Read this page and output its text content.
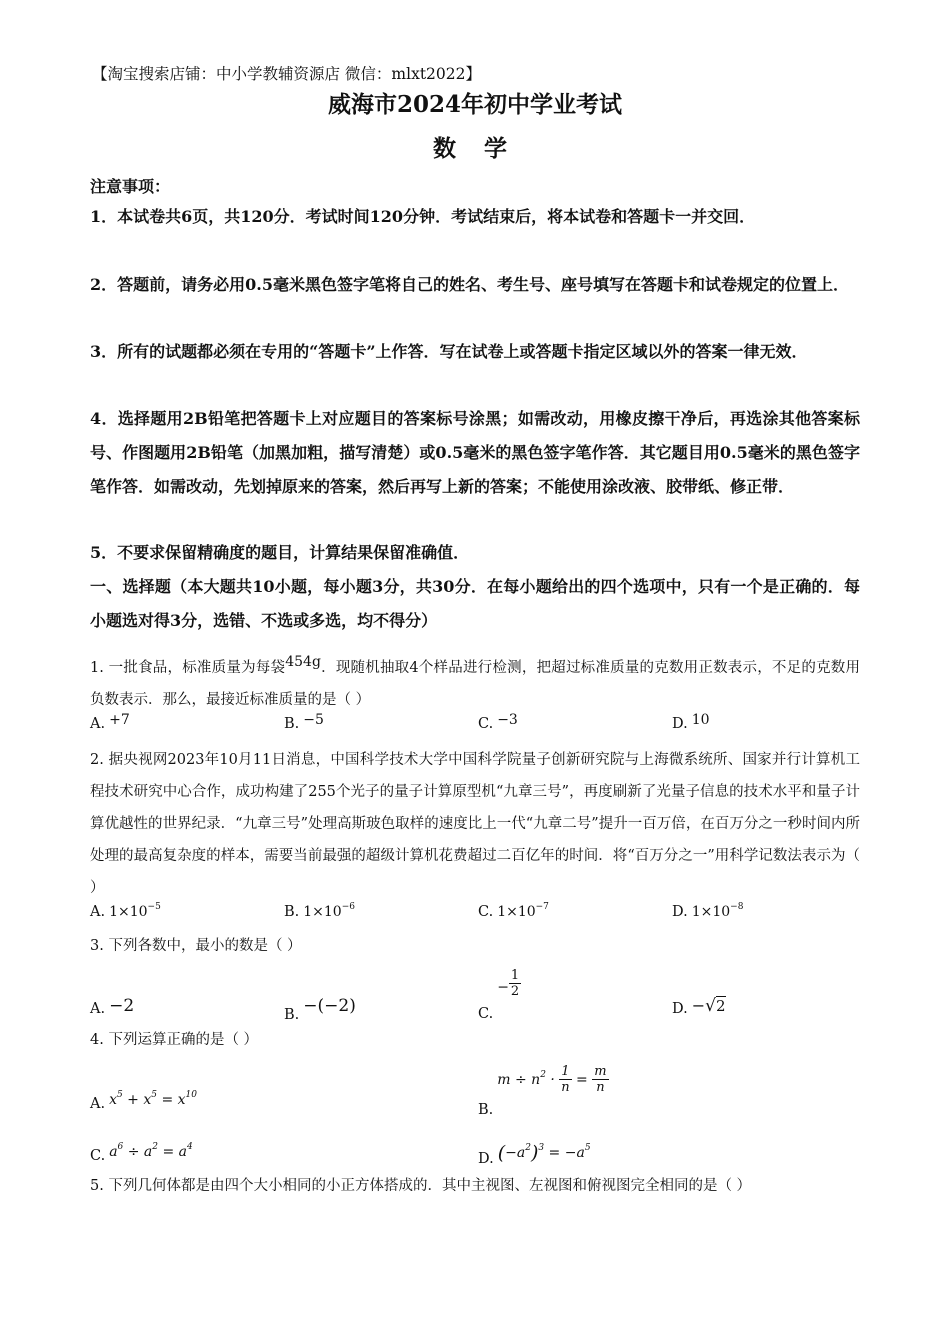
【淘宝搜索店铺：中小学教辅资源店 微信：mlxt2022】
威海市2024年初中学业考试
数 学
注意事项：
1．本试卷共6页，共120分．考试时间120分钟．考试结束后，将本试卷和答题卡一并交回．
2．答题前，请务必用0.5毫米黑色签字笔将自己的姓名、考生号、座号填写在答题卡和试卷规定的位置上．
3．所有的试题都必须在专用的“答题卡”上作答．写在试卷上或答题卡指定区域以外的答案一律无效．
4．选择题用2B铅笔把答题卡上对应题目的答案标号涂黑；如需改动，用橡皮擦干净后，再选涂其他答案标号、作图题用2B铅笔（加黑加粗，描写清楚）或0.5毫米的黑色签字笔作答．其它题目用0.5毫米的黑色签字笔作答．如需改动，先划掉原来的答案，然后再写上新的答案；不能使用涂改液、胶带纸、修正带．
5．不要求保留精确度的题目，计算结果保留准确值．
一、选择题（本大题共10小题，每小题3分，共30分．在每小题给出的四个选项中，只有一个是正确的．每小题选对得3分，选错、不选或多选，均不得分）
1. 一批食品，标准质量为每袋454g．现随机抽取4个样品进行检测，把超过标准质量的克数用正数表示，不足的克数用负数表示．那么，最接近标准质量的是（ ）
A. +7	B. −5	C. −3	D. 10
2. 据央视网2023年10月11日消息，中国科学技术大学中国科学院量子创新研究院与上海微系统所、国家并行计算机工程技术研究中心合作，成功构建了255个光子的量子计算原型机“九章三号”，再度刷新了光量子信息的技术水平和量子计算优越性的世界纪录．“九章三号”处理高斯玻色取样的速度比上一代“九章二号”提升一百万倍，在百万分之一秒时间内所处理的最高复杂度的样本，需要当前最强的超级计算机花费超过二百亿年的时间．将“百万分之一”用科学记数法表示为（ ）
A. $1\times 10^{-5}$	B. $1\times 10^{-6}$	C. $1\times 10^{-7}$	D. $1\times 10^{-8}$
3. 下列各数中，最小的数是（ ）
A. −2	B. −(−2)	$C.- \frac{1}{2}$
D. −√2
4. 下列运算正确的是（ ）
A. $x^5 + x^5 = x^{10}$
$B.m \div n^2 \cdot \frac{1}{n} = \frac{m}{n}$
C. $a^6 \div a^2 = a^4$
D. $(-a^2)^3 = -a^5$
5. 下列几何体都是由四个大小相同的小正方体搭成的．其中主视图、左视图和俯视图完全相同的是（ ）
